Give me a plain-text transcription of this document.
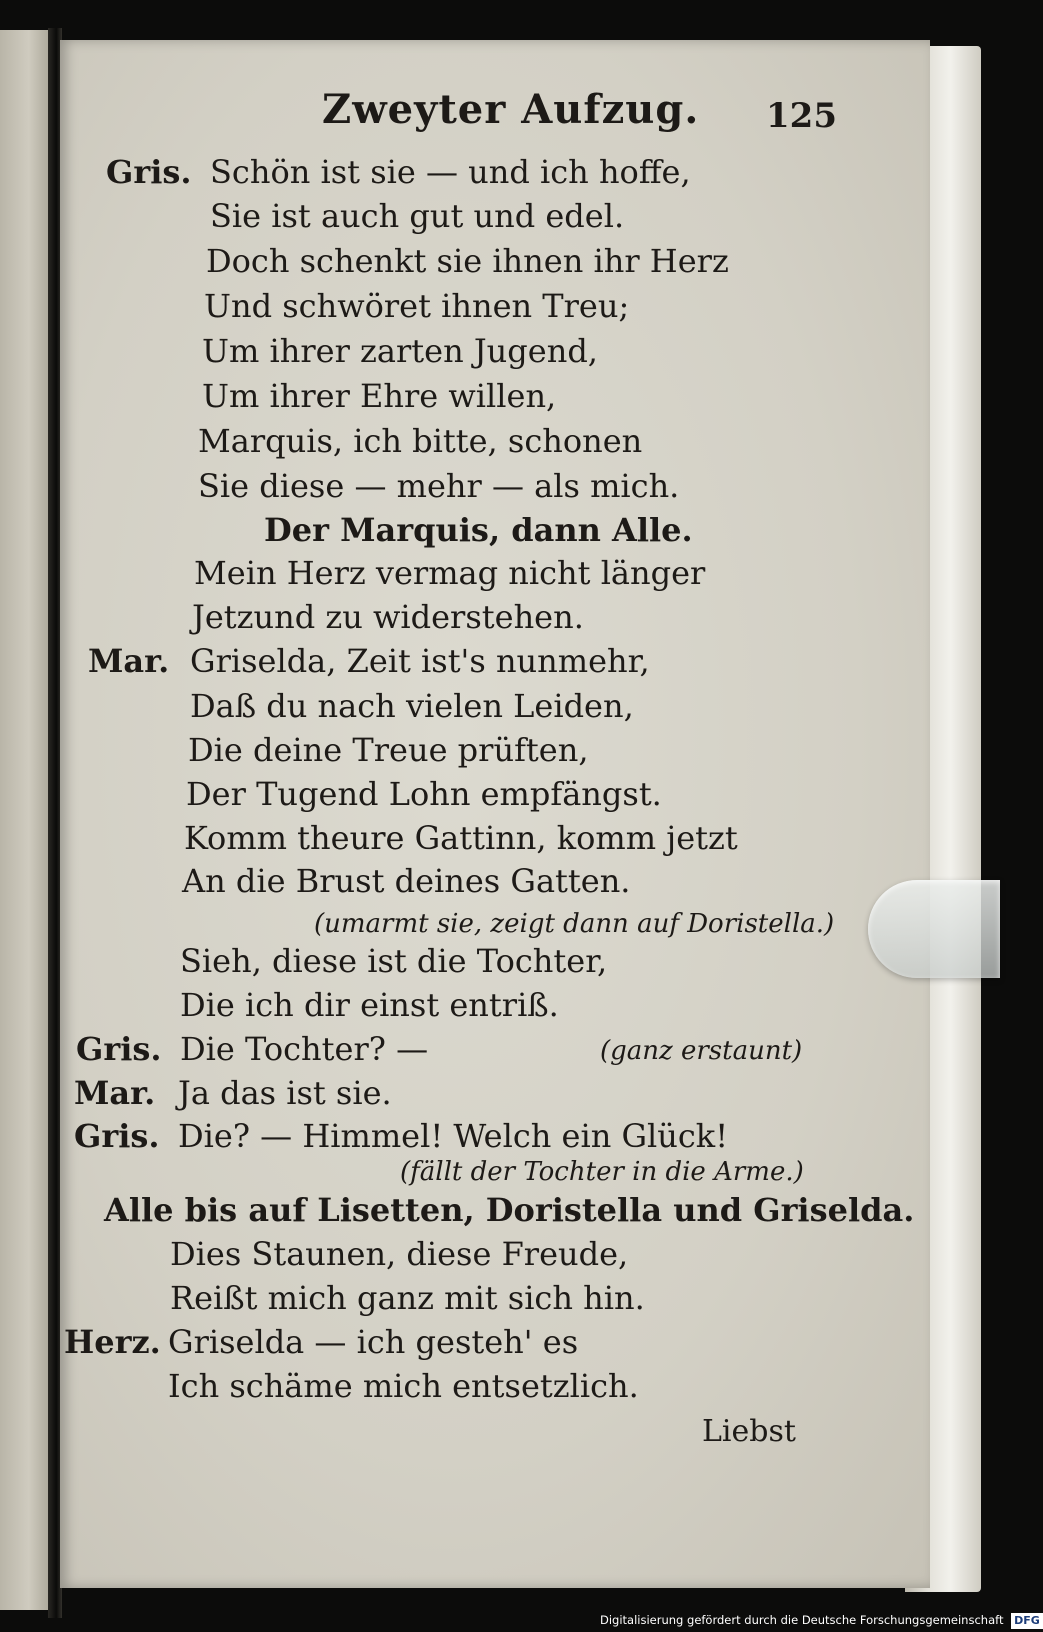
Zweyter Aufzug. 125
Gris. Schön ist sie — und ich hoffe,
Sie ist auch gut und edel.
Doch schenkt sie ihnen ihr Herz
Und schwöret ihnen Treu;
Um ihrer zarten Jugend,
Um ihrer Ehre willen,
Marquis, ich bitte, schonen
Sie diese — mehr — als mich.
Der Marquis, dann Alle.
Mein Herz vermag nicht länger
Jetzund zu widerstehen.
Mar. Griselda, Zeit ist's nunmehr,
Daß du nach vielen Leiden,
Die deine Treue prüften,
Der Tugend Lohn empfängst.
Komm theure Gattinn, komm jetzt
An die Brust deines Gatten.
(umarmt sie, zeigt dann auf Doristella.)
Sieh, diese ist die Tochter,
Die ich dir einst entriß.
Gris. Die Tochter? —	(ganz erstaunt)
Mar. Ja das ist sie.
Gris. Die? — Himmel! Welch ein Glück!
(fällt der Tochter in die Arme.)
Alle bis auf Lisetten, Doristella und Griselda.
Dies Staunen, diese Freude,
Reißt mich ganz mit sich hin.
Herz. Griselda — ich gesteh' es
Ich schäme mich entsetzlich.
Liebst
Digitalisierung gefördert durch die Deutsche Forschungsgemeinschaft DFG
